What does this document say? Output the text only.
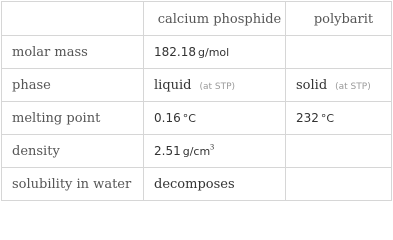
	calcium phosphide	polybarit
molar mass	182.18 g/mol	
phase	liquid (at STP)	solid (at STP)
melting point	0.16 °C	232 °C
density	2.51 $g/cm^3$	
solubility in water	decomposes	
